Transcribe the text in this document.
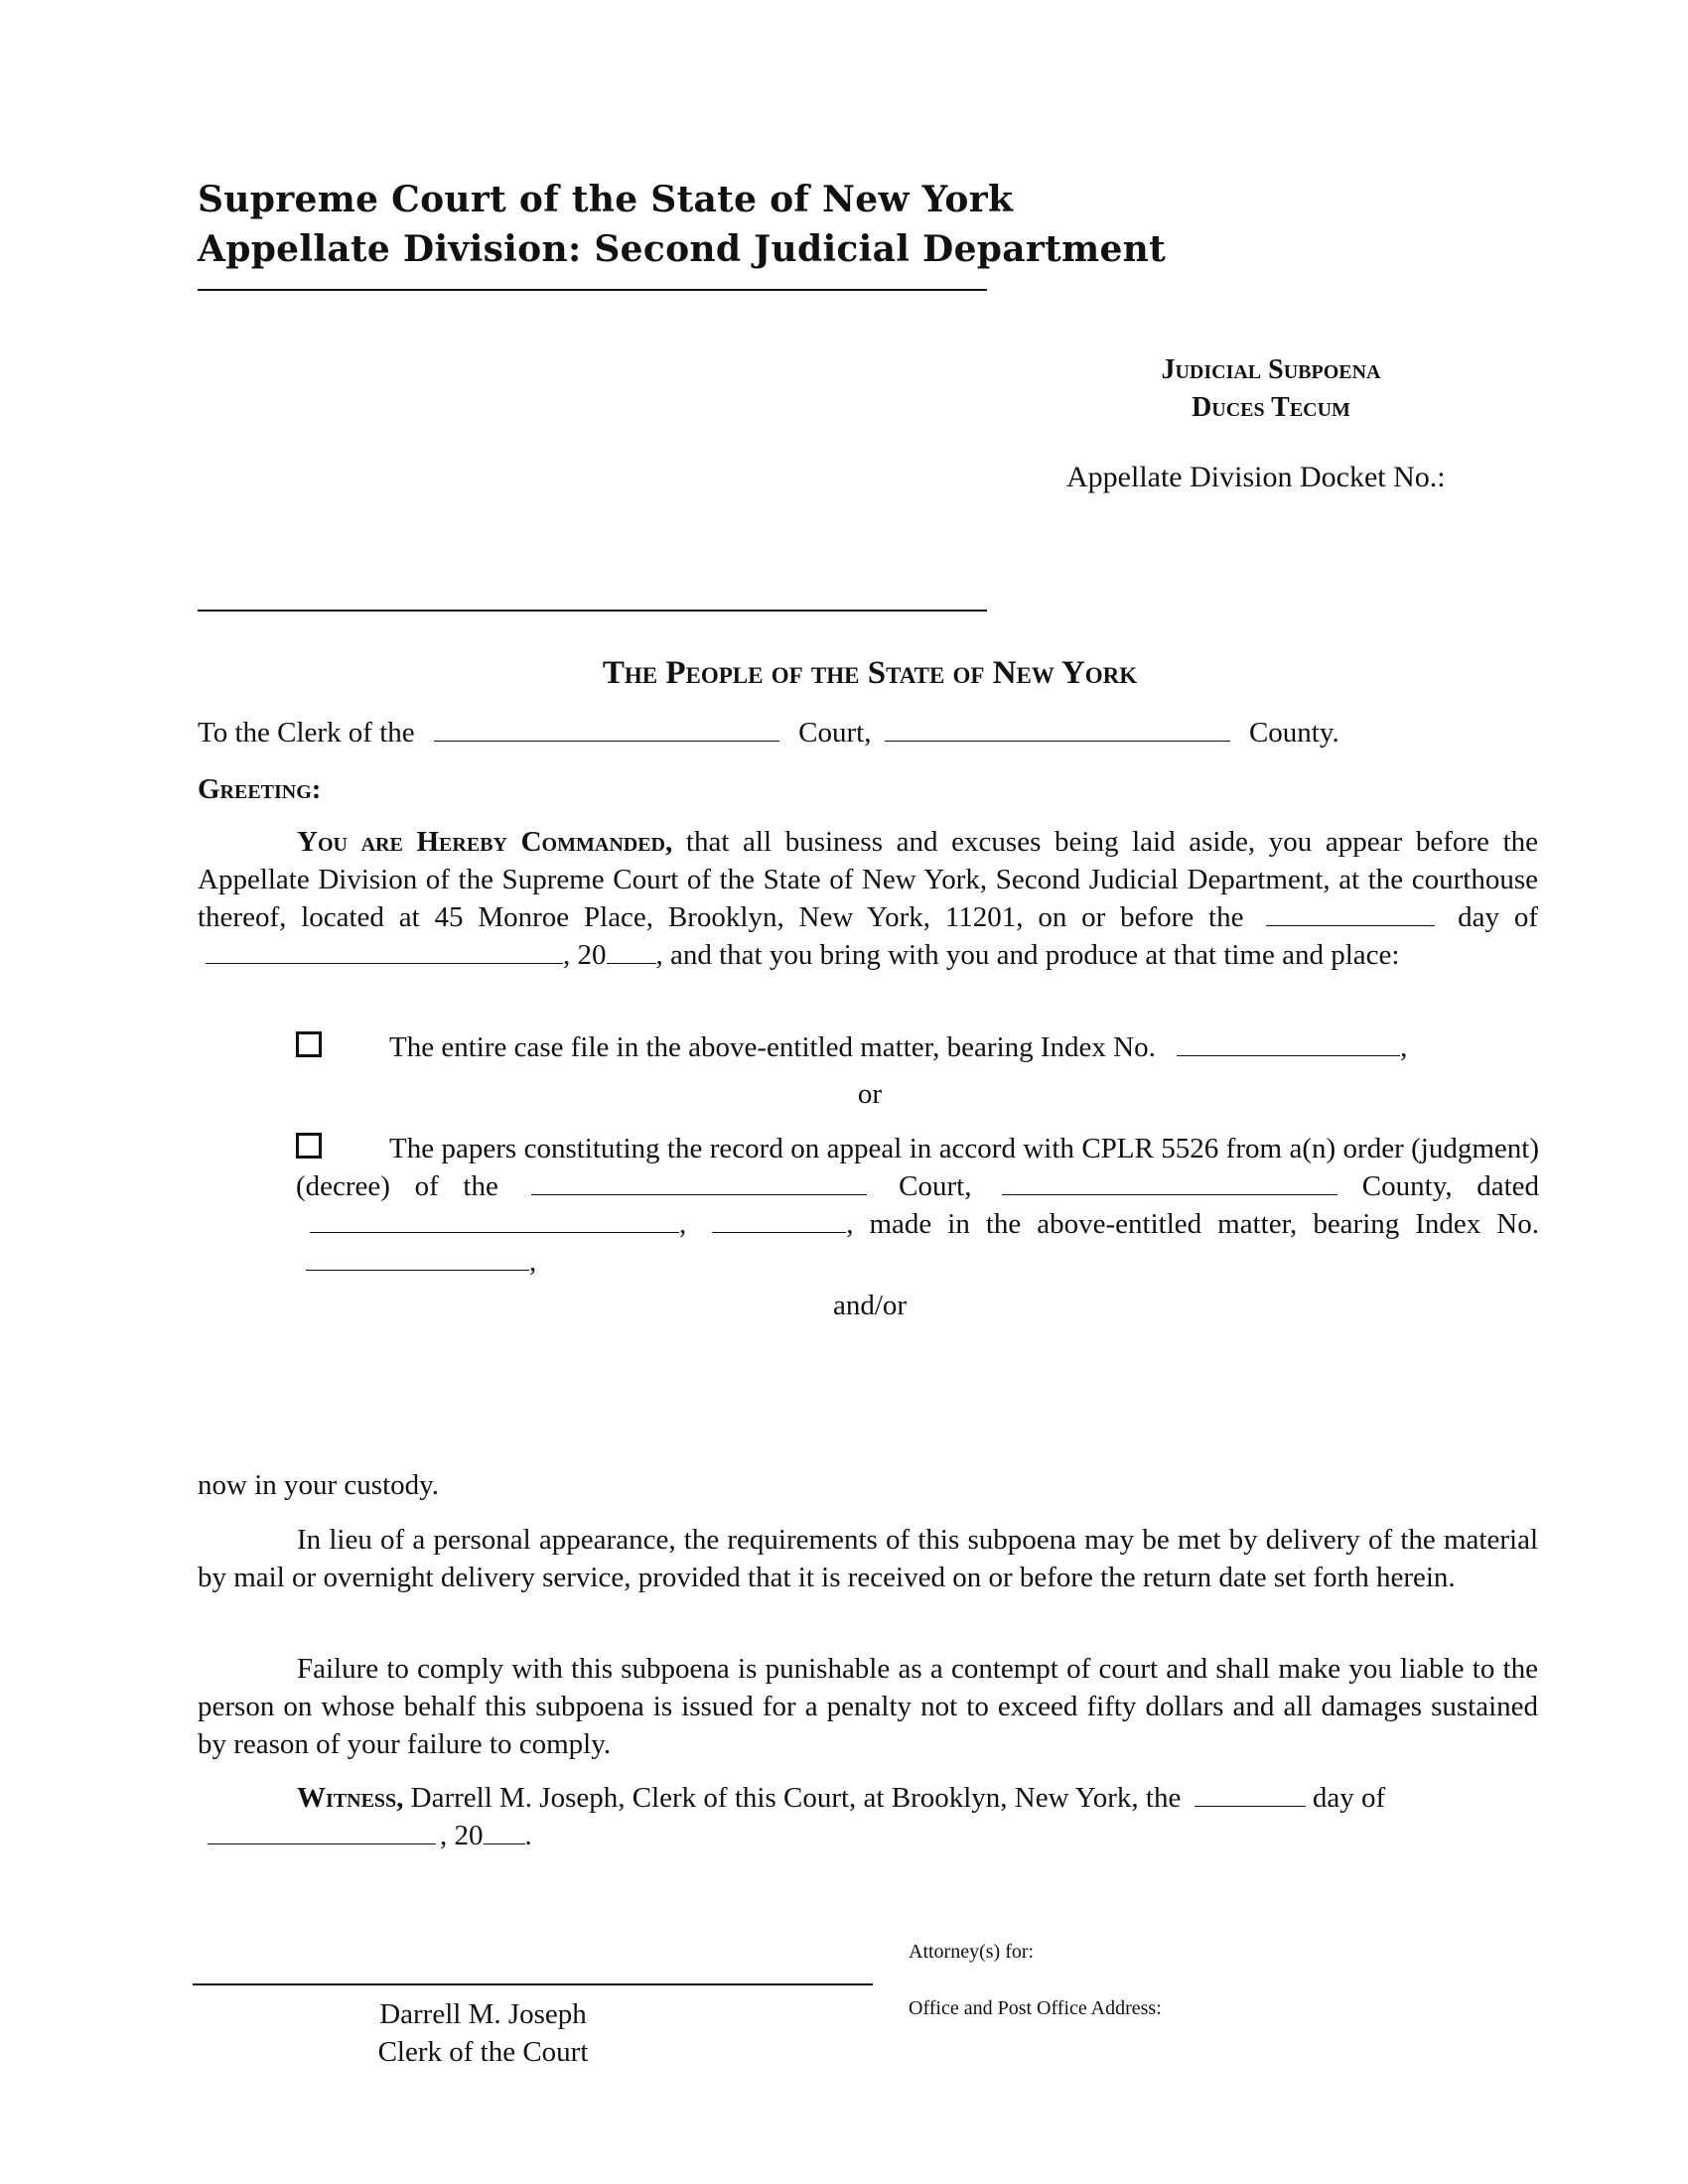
Supreme Court of the State of New York
Appellate Division: Second Judicial Department
Judicial Subpoena
Duces Tecum
Appellate Division Docket No.:
The People of the State of New York
To the Clerk of the	Court,	County.
Greeting:
You are Hereby Commanded, that all business and excuses being laid aside, you appear before the Appellate Division of the Supreme Court of the State of New York, Second Judicial Department, at the courthouse thereof, located at 45 Monroe Place, Brooklyn, New York, 11201, on or before the	day of , 20 , and that you bring with you and produce at that time and place:
The entire case file in the above-entitled matter, bearing Index No.	,
or
The papers constituting the record on appeal in accord with CPLR 5526 from a(n) order (judgment) (decree) of the	Court,	County, dated ,	, made in the above-entitled matter, bearing Index No. ,
and/or
now in your custody.
In lieu of a personal appearance, the requirements of this subpoena may be met by delivery of the material by mail or overnight delivery service, provided that it is received on or before the return date set forth herein.
Failure to comply with this subpoena is punishable as a contempt of court and shall make you liable to the person on whose behalf this subpoena is issued for a penalty not to exceed fifty dollars and all damages sustained by reason of your failure to comply.
Witness, Darrell M. Joseph, Clerk of this Court, at Brooklyn, New York, the	day of , 20 .
Darrell M. Joseph
Clerk of the Court
Attorney(s) for:
Office and Post Office Address:
